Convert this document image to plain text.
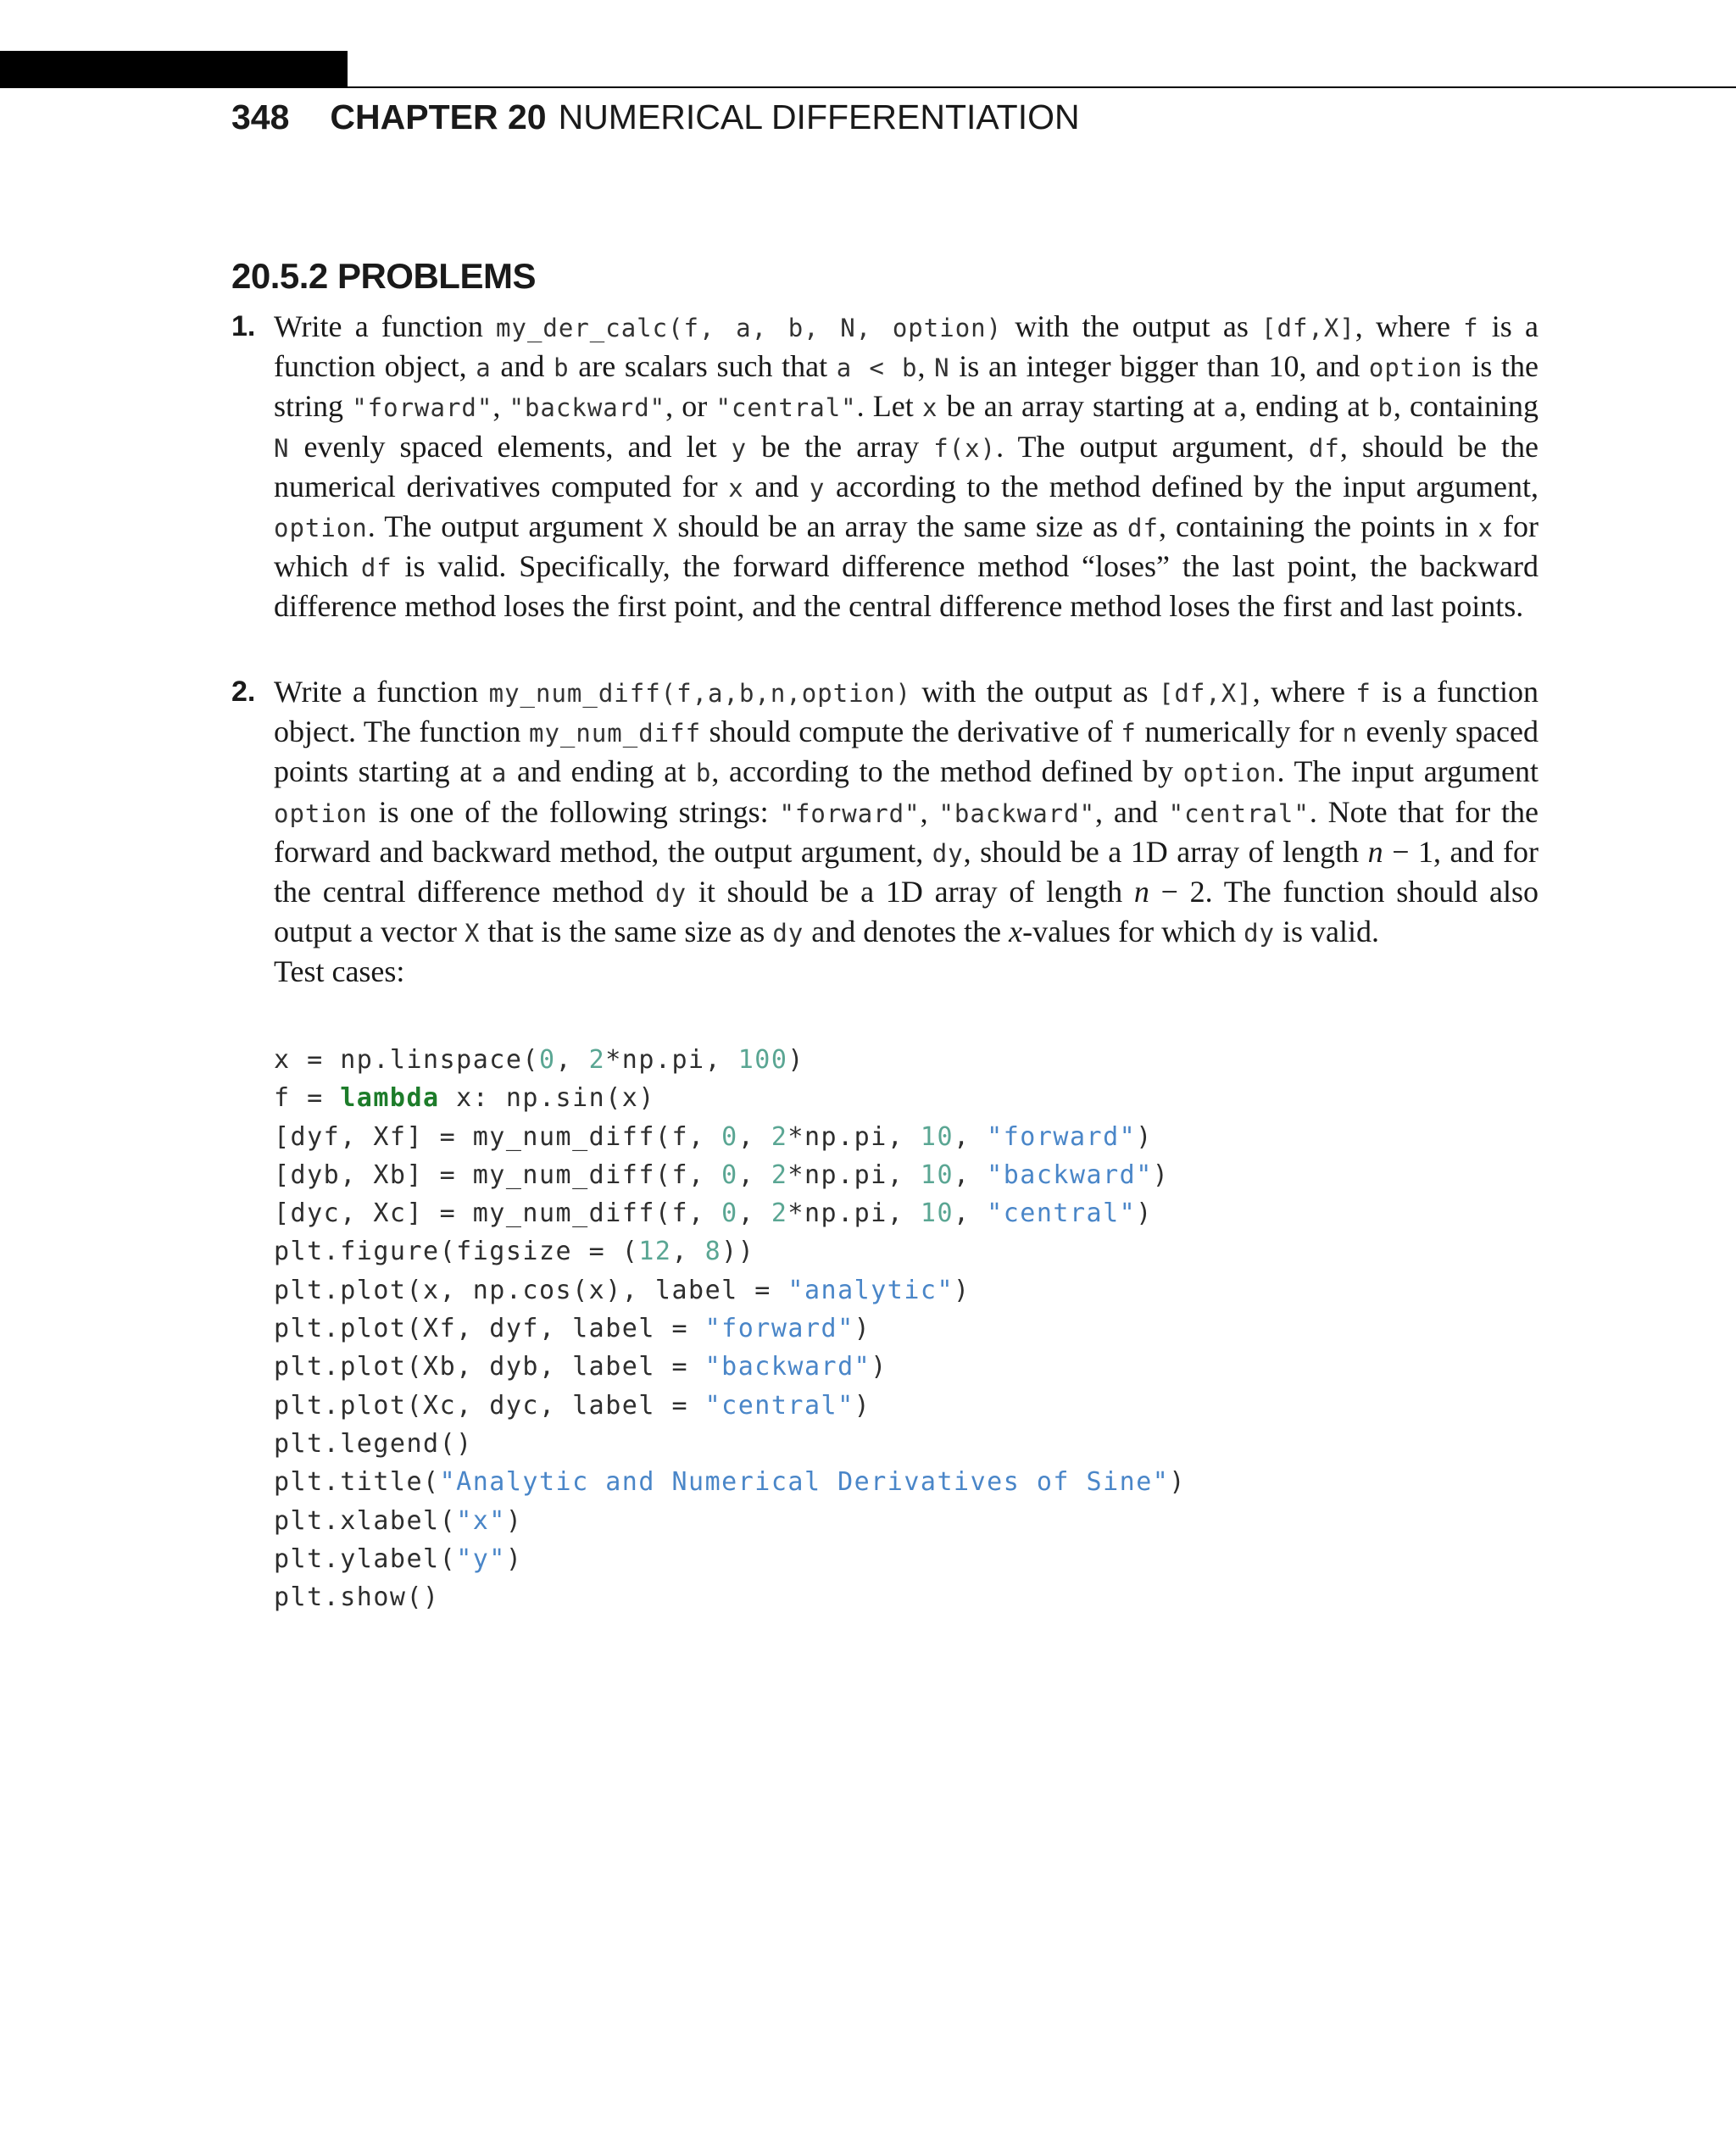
348 CHAPTER 20 NUMERICAL DIFFERENTIATION
20.5.2 PROBLEMS
1. Write a function my_der_calc(f, a, b, N, option) with the output as [df,X], where f is a function object, a and b are scalars such that a < b, N is an integer bigger than 10, and option is the string "forward", "backward", or "central". Let x be an array starting at a, ending at b, containing N evenly spaced elements, and let y be the array f(x). The output argument, df, should be the numerical derivatives computed for x and y according to the method defined by the input argument, option. The output argument X should be an array the same size as df, containing the points in x for which df is valid. Specifically, the forward difference method “loses” the last point, the backward difference method loses the first point, and the central difference method loses the first and last points.
2. Write a function my_num_diff(f,a,b,n,option) with the output as [df,X], where f is a function object. The function my_num_diff should compute the derivative of f numerically for n evenly spaced points starting at a and ending at b, according to the method defined by option. The input argument option is one of the following strings: "forward", "backward", and "central". Note that for the forward and backward method, the output argument, dy, should be a 1D array of length n − 1, and for the central difference method dy it should be a 1D array of length n − 2. The function should also output a vector X that is the same size as dy and denotes the x-values for which dy is valid.
Test cases:
x = np.linspace(0, 2*np.pi, 100)
f = lambda x: np.sin(x)
[dyf, Xf] = my_num_diff(f, 0, 2*np.pi, 10, "forward")
[dyb, Xb] = my_num_diff(f, 0, 2*np.pi, 10, "backward")
[dyc, Xc] = my_num_diff(f, 0, 2*np.pi, 10, "central")
plt.figure(figsize = (12, 8))
plt.plot(x, np.cos(x), label = "analytic")
plt.plot(Xf, dyf, label = "forward")
plt.plot(Xb, dyb, label = "backward")
plt.plot(Xc, dyc, label = "central")
plt.legend()
plt.title("Analytic and Numerical Derivatives of Sine")
plt.xlabel("x")
plt.ylabel("y")
plt.show()
